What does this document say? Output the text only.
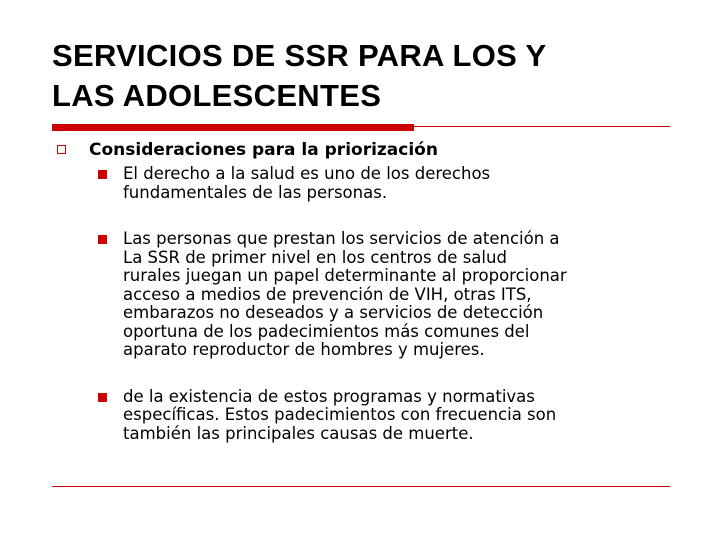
SERVICIOS DE SSR PARA LOS Y
LAS ADOLESCENTES
Consideraciones para la priorización

El derecho a la salud es uno de los derechos

fundamentales de las personas.

Las personas que prestan los servicios de atención a

La SSR de primer nivel en los centros de salud

rurales juegan un papel determinante al proporcionar

acceso a medios de prevención de VIH, otras ITS,

embarazos no deseados y a servicios de detección

oportuna de los padecimientos más comunes del

aparato reproductor de hombres y mujeres.

de la existencia de estos programas y normativas

específicas. Estos padecimientos con frecuencia son

también las principales causas de muerte.
